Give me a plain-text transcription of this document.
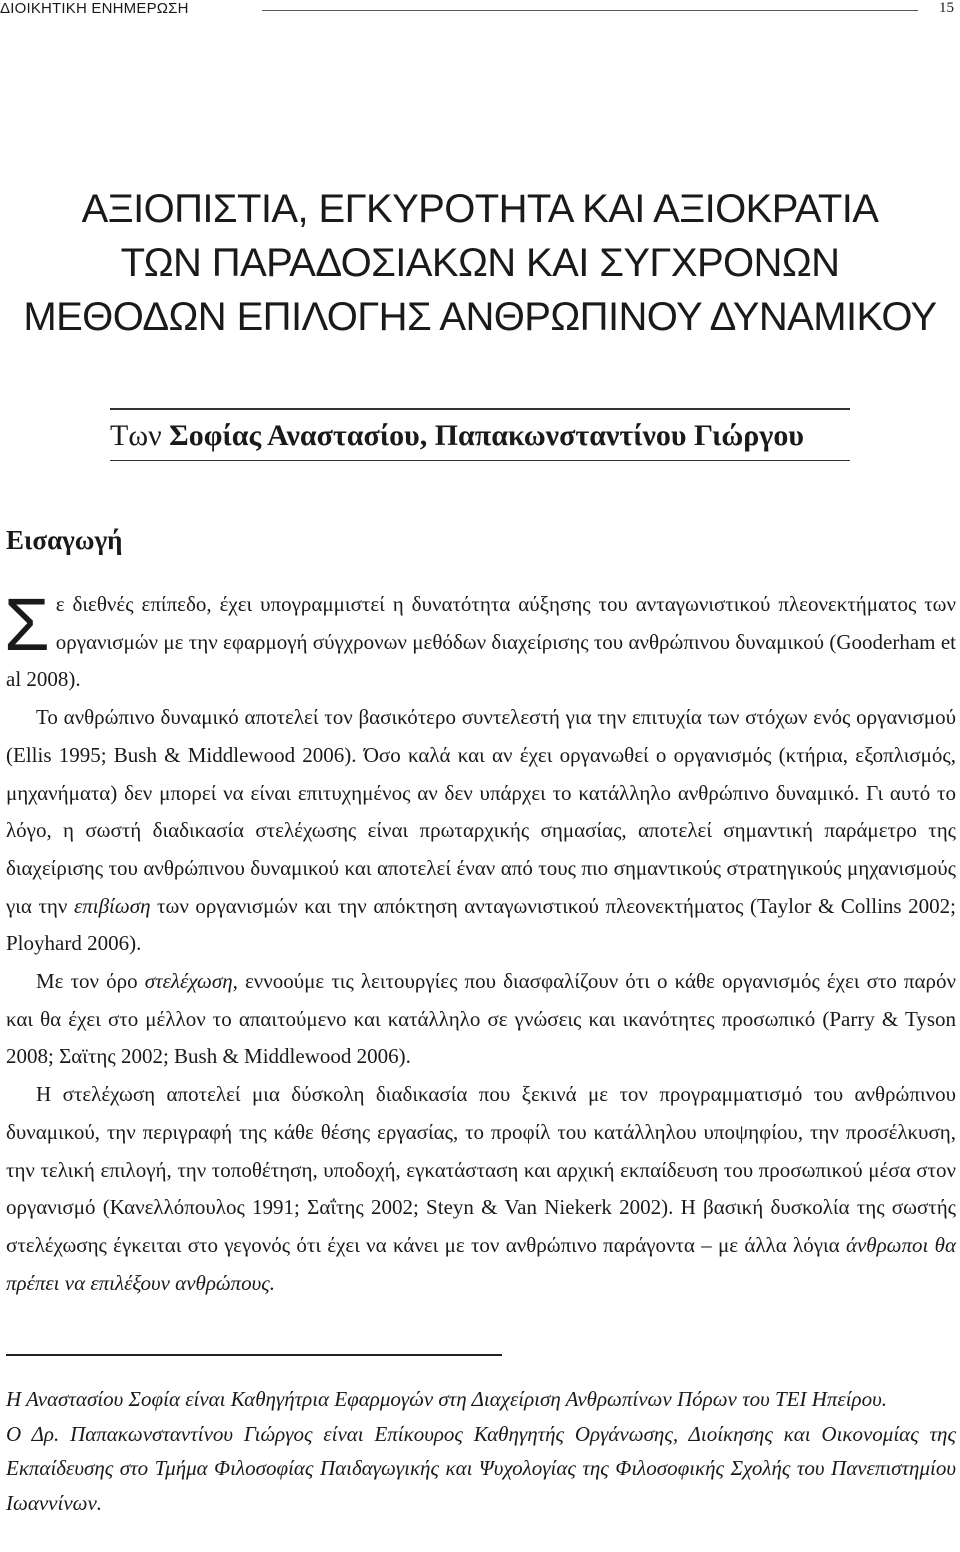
ΔΙΟΙΚΗΤΙΚΗ ΕΝΗΜΕΡΩΣΗ	15
ΑΞΙΟΠΙΣΤΙΑ, ΕΓΚΥΡΟΤΗΤΑ ΚΑΙ ΑΞΙΟΚΡΑΤΙΑ
ΤΩΝ ΠΑΡΑΔΟΣΙΑΚΩΝ ΚΑΙ ΣΥΓΧΡΟΝΩΝ
ΜΕΘΟΔΩΝ ΕΠΙΛΟΓΗΣ ΑΝΘΡΩΠΙΝΟΥ ΔΥΝΑΜΙΚΟΥ
Των Σοφίας Αναστασίου, Παπακωνσταντίνου Γιώργου
Εισαγωγή

Σε διεθνές επίπεδο, έχει υπογραμμιστεί η δυνατότητα αύξησης του ανταγωνιστικού πλεονεκτήματος των οργανισμών με την εφαρμογή σύγχρονων μεθόδων διαχείρισης του ανθρώπινου δυναμικού (Gooderham et al 2008).

Το ανθρώπινο δυναμικό αποτελεί τον βασικότερο συντελεστή για την επιτυχία των στόχων ενός οργανισμού (Ellis 1995; Bush & Middlewood 2006). Όσο καλά και αν έχει οργανωθεί ο οργανισμός (κτήρια, εξοπλισμός, μηχανήματα) δεν μπορεί να είναι επιτυχημένος αν δεν υπάρχει το κατάλληλο ανθρώπινο δυναμικό. Γι αυτό το λόγο, η σωστή διαδικασία στελέχωσης είναι πρωταρχικής σημασίας, αποτελεί σημαντική παράμετρο της διαχείρισης του ανθρώπινου δυναμικού και αποτελεί έναν από τους πιο σημαντικούς στρατηγικούς μηχανισμούς για την επιβίωση των οργανισμών και την απόκτηση ανταγωνιστικού πλεονεκτήματος (Taylor & Collins 2002; Ployhard 2006).

Με τον όρο στελέχωση, εννοούμε τις λειτουργίες που διασφαλίζουν ότι ο κάθε οργανισμός έχει στο παρόν και θα έχει στο μέλλον το απαιτούμενο και κατάλληλο σε γνώσεις και ικανότητες προσωπικό (Parry & Tyson 2008; Σαϊτης 2002; Bush & Middlewood 2006).

Η στελέχωση αποτελεί μια δύσκολη διαδικασία που ξεκινά με τον προγραμματισμό του ανθρώπινου δυναμικού, την περιγραφή της κάθε θέσης εργασίας, το προφίλ του κατάλληλου υποψηφίου, την προσέλκυση, την τελική επιλογή, την τοποθέτηση, υποδοχή, εγκατάσταση και αρχική εκπαίδευση του προσωπικού μέσα στον οργανισμό (Κανελλόπουλος 1991; Σαΐτης 2002; Steyn & Van Niekerk 2002). Η βασική δυσκολία της σωστής στελέχωσης έγκειται στο γεγονός ότι έχει να κάνει με τον ανθρώπινο παράγοντα – με άλλα λόγια άνθρωποι θα πρέπει να επιλέξουν ανθρώπους.

Η Αναστασίου Σοφία είναι Καθηγήτρια Εφαρμογών στη Διαχείριση Ανθρωπίνων Πόρων του ΤΕΙ Ηπείρου.

Ο Δρ. Παπακωνσταντίνου Γιώργος είναι Επίκουρος Καθηγητής Οργάνωσης, Διοίκησης και Οικονομίας της Εκπαίδευσης στο Τμήμα Φιλοσοφίας Παιδαγωγικής και Ψυχολογίας της Φιλοσοφικής Σχολής του Πανεπιστημίου Ιωαννίνων.
